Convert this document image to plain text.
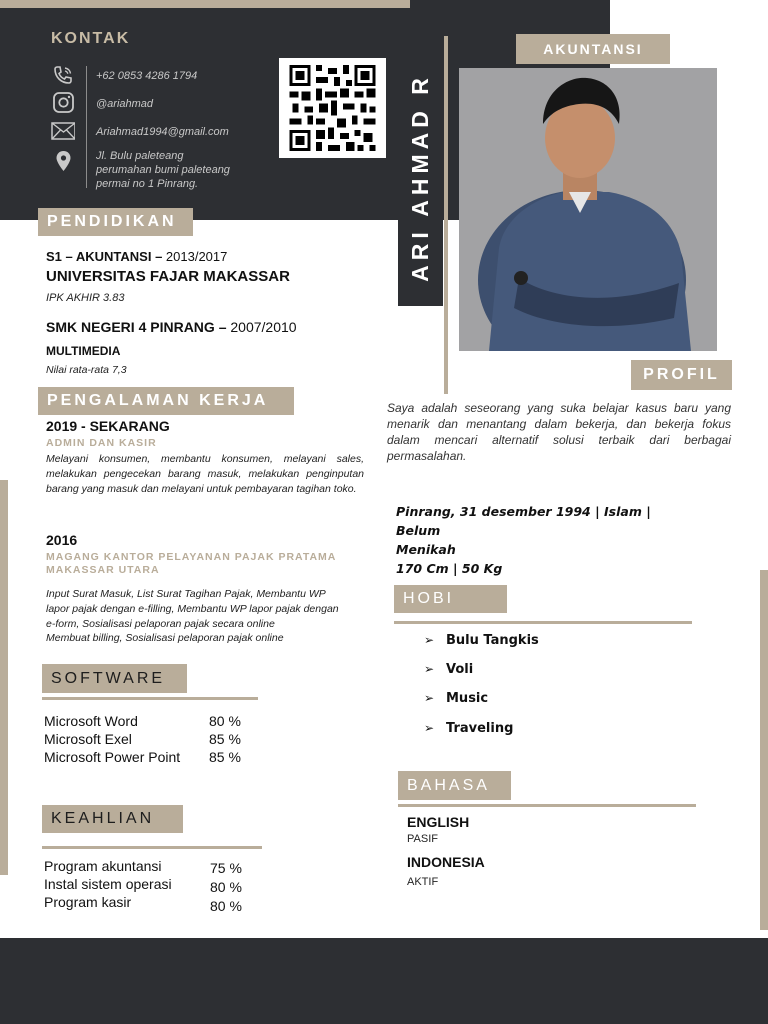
KONTAK
+62 0853 4286 1794
@ariahmad
Ariahmad1994@gmail.com
Jl. Bulu paleteang
perumahan bumi paleteang
permai no 1 Pinrang.	ARI AHMAD R
AKUNTANSI
PROFIL
Saya adalah seseorang yang suka belajar kasus baru yang menarik dan menantang dalam bekerja, dan bekerja fokus dalam mencari alternatif solusi terbaik dari berbagai permasalahan.
Pinrang, 31 desember 1994 | Islam | Belum
Menikah
170 Cm | 50 Kg
HOBI
➢ Bulu Tangkis
➢ Voli
➢ Music
➢ Traveling
BAHASA
ENGLISH
PASIF
INDONESIA
AKTIF
PENDIDIKAN
S1 – AKUNTANSI – 2013/2017
UNIVERSITAS FAJAR MAKASSAR
IPK AKHIR 3.83
SMK NEGERI 4 PINRANG – 2007/2010
MULTIMEDIA
Nilai rata-rata 7,3
PENGALAMAN KERJA
2019 - SEKARANG
ADMIN DAN KASIR
Melayani konsumen, membantu konsumen, melayani sales, melakukan pengecekan barang masuk, melakukan penginputan barang yang masuk dan melayani untuk pembayaran tagihan toko.
2016
MAGANG KANTOR PELAYANAN PAJAK PRATAMA
MAKASSAR UTARA
Input Surat Masuk, List Surat Tagihan Pajak, Membantu WP
lapor pajak dengan e-filling, Membantu WP lapor pajak dengan
e-form, Sosialisasi pelaporan pajak secara online
Membuat billing, Sosialisasi pelaporan pajak online
SOFTWARE
Microsoft Word	80 %
Microsoft Exel	85 %
Microsoft Power Point 85 %
KEAHLIAN
Program akuntansi	75 %
Instal sistem operasi	80 %
Program kasir	80 %
